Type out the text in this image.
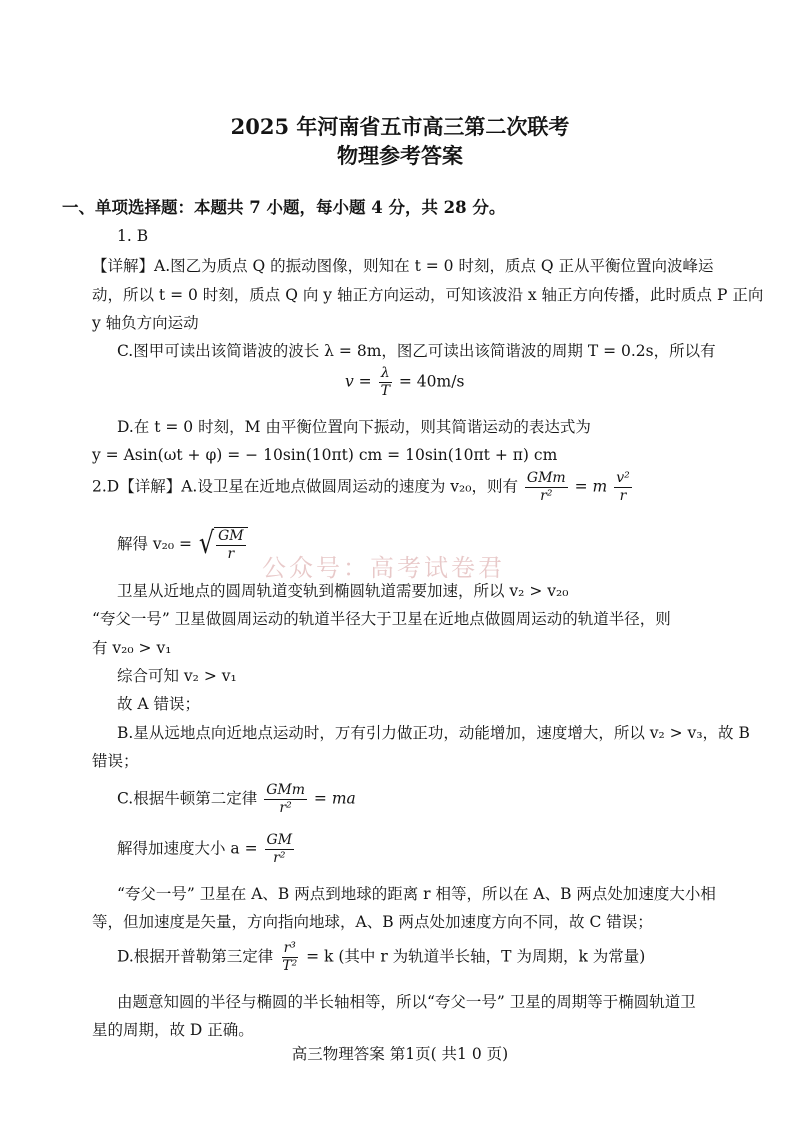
2025 年河南省五市高三第二次联考
物理参考答案
一、单项选择题：本题共 7 小题，每小题 4 分，共 28 分。
1. B
【详解】A.图乙为质点 Q 的振动图像，则知在 t = 0 时刻，质点 Q 正从平衡位置向波峰运
动，所以 t = 0 时刻，质点 Q 向 y 轴正方向运动，可知该波沿 x 轴正方向传播，此时质点 P 正向
y 轴负方向运动
C.图甲可读出该简谐波的波长 λ = 8m，图乙可读出该简谐波的周期 T = 0.2s，所以有
$v = \frac{\lambda}{T} = 40m/s$
D.在 t = 0 时刻，M 由平衡位置向下振动，则其简谐运动的表达式为
y = Asin(ωt + φ) = − 10sin(10πt) cm = 10sin(10πt + π) cm
2.D【详解】A.设卫星在近地点做圆周运动的速度为 v₂₀，则有 $\frac{\text{GMm}}{\text{r²}} = m \frac{\text{v²}}{r}$
解得 v₂₀ = √ $\frac{GM}{r}$
卫星从近地点的圆周轨道变轨到椭圆轨道需要加速，所以 v₂ > v₂₀
“夸父一号” 卫星做圆周运动的轨道半径大于卫星在近地点做圆周运动的轨道半径，则
有 v₂₀ > v₁
综合可知 v₂ > v₁
故 A 错误；
B.星从远地点向近地点运动时，万有引力做正功，动能增加，速度增大，所以 v₂ > v₃，故 B
错误；
C.根据牛顿第二定律 $\frac{\text{GMm}}{\text{r²}}$ = ma
解得加速度大小 $a = \frac{GM}{\text{r²}}$
“夸父一号” 卫星在 A、B 两点到地球的距离 r 相等，所以在 A、B 两点处加速度大小相
等，但加速度是矢量，方向指向地球，A、B 两点处加速度方向不同，故 C 错误；
D.根据开普勒第三定律 $\frac{\text{r³}}{\text{T²}} = k$ (其中 r 为轨道半长轴，T 为周期，k 为常量)
由题意知圆的半径与椭圆的半长轴相等，所以“夸父一号” 卫星的周期等于椭圆轨道卫
星的周期，故 D 正确。
高三物理答案 第1页( 共1 0 页)
公众号：高考试卷君
